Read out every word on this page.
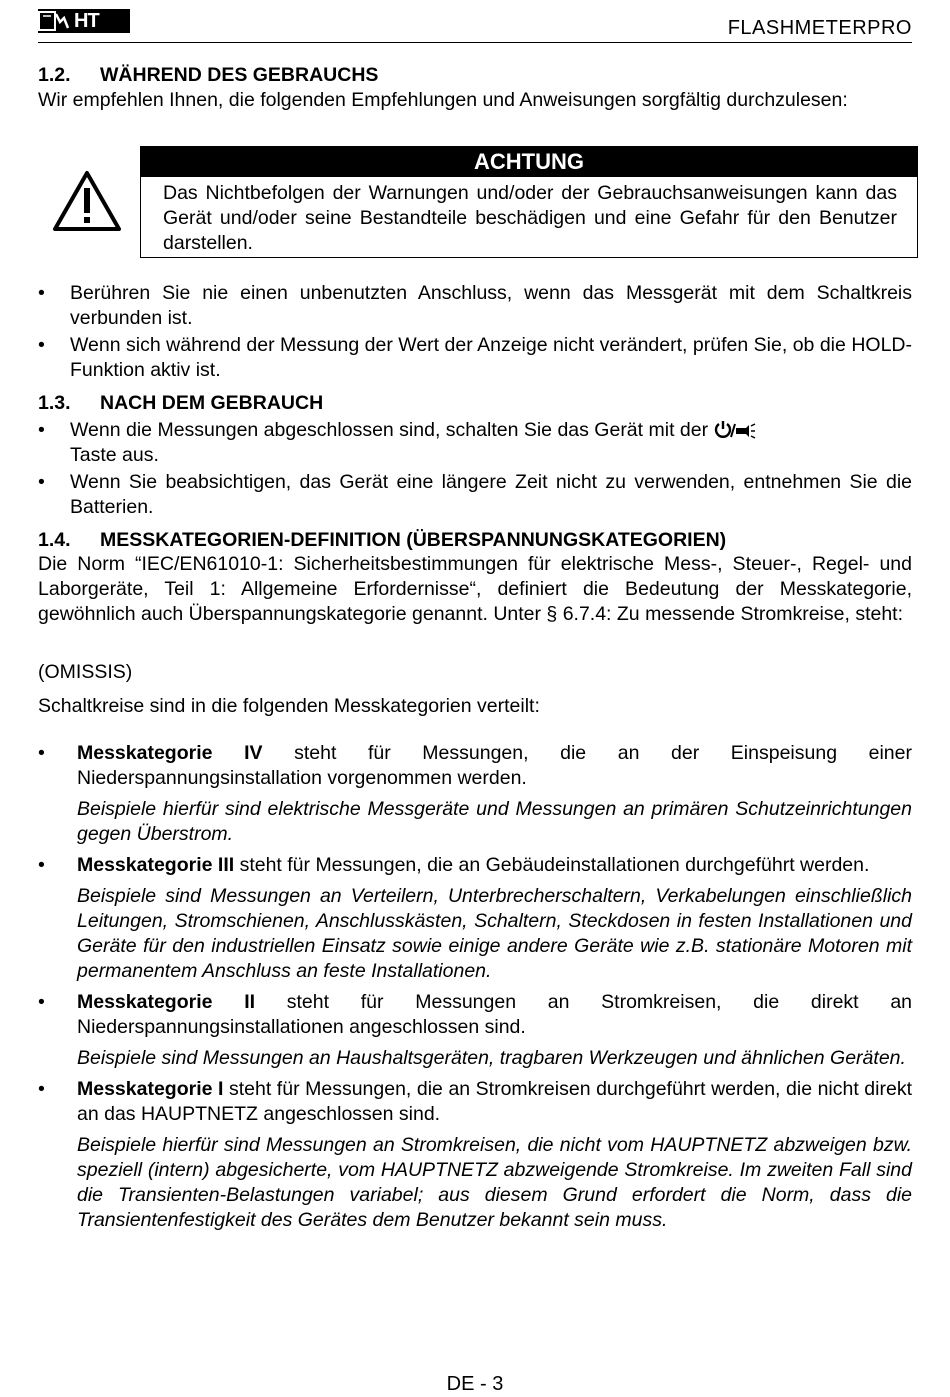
HT	FLASHMETERPRO
1.2. WÄHREND DES GEBRAUCHS
Wir empfehlen Ihnen, die folgenden Empfehlungen und Anweisungen sorgfältig durchzulesen:
ACHTUNG
Das Nichtbefolgen der Warnungen und/oder der Gebrauchsanweisungen kann das Gerät und/oder seine Bestandteile beschädigen und eine Gefahr für den Benutzer darstellen.
• Berühren Sie nie einen unbenutzten Anschluss, wenn das Messgerät mit dem Schaltkreis verbunden ist.
• Wenn sich während der Messung der Wert der Anzeige nicht verändert, prüfen Sie, ob die HOLD-Funktion aktiv ist.
1.3. NACH DEM GEBRAUCH
• Wenn die Messungen abgeschlossen sind, schalten Sie das Gerät mit der
Taste aus.
• Wenn Sie beabsichtigen, das Gerät eine längere Zeit nicht zu verwenden, entnehmen Sie die Batterien.
1.4. MESSKATEGORIEN-DEFINITION (ÜBERSPANNUNGSKATEGORIEN)
Die Norm “IEC/EN61010-1: Sicherheitsbestimmungen für elektrische Mess-, Steuer-, Regel- und Laborgeräte, Teil 1: Allgemeine Erfordernisse“, definiert die Bedeutung der Messkategorie, gewöhnlich auch Überspannungskategorie genannt. Unter § 6.7.4: Zu messende Stromkreise, steht:
(OMISSIS)
Schaltkreise sind in die folgenden Messkategorien verteilt:
• Messkategorie IV steht für Messungen, die an der Einspeisung einer Niederspannungsinstallation vorgenommen werden.
Beispiele hierfür sind elektrische Messgeräte und Messungen an primären Schutzeinrichtungen gegen Überstrom.
• Messkategorie III steht für Messungen, die an Gebäudeinstallationen durchgeführt werden.
Beispiele sind Messungen an Verteilern, Unterbrecherschaltern, Verkabelungen einschließlich Leitungen, Stromschienen, Anschlusskästen, Schaltern, Steckdosen in festen Installationen und Geräte für den industriellen Einsatz sowie einige andere Geräte wie z.B. stationäre Motoren mit permanentem Anschluss an feste Installationen.
• Messkategorie II steht für Messungen an Stromkreisen, die direkt an Niederspannungsinstallationen angeschlossen sind.
Beispiele sind Messungen an Haushaltsgeräten, tragbaren Werkzeugen und ähnlichen Geräten.
• Messkategorie I steht für Messungen, die an Stromkreisen durchgeführt werden, die nicht direkt an das HAUPTNETZ angeschlossen sind.
Beispiele hierfür sind Messungen an Stromkreisen, die nicht vom HAUPTNETZ abzweigen bzw. speziell (intern) abgesicherte, vom HAUPTNETZ abzweigende Stromkreise. Im zweiten Fall sind die Transienten-Belastungen variabel; aus diesem Grund erfordert die Norm, dass die Transientenfestigkeit des Gerätes dem Benutzer bekannt sein muss.
DE - 3
